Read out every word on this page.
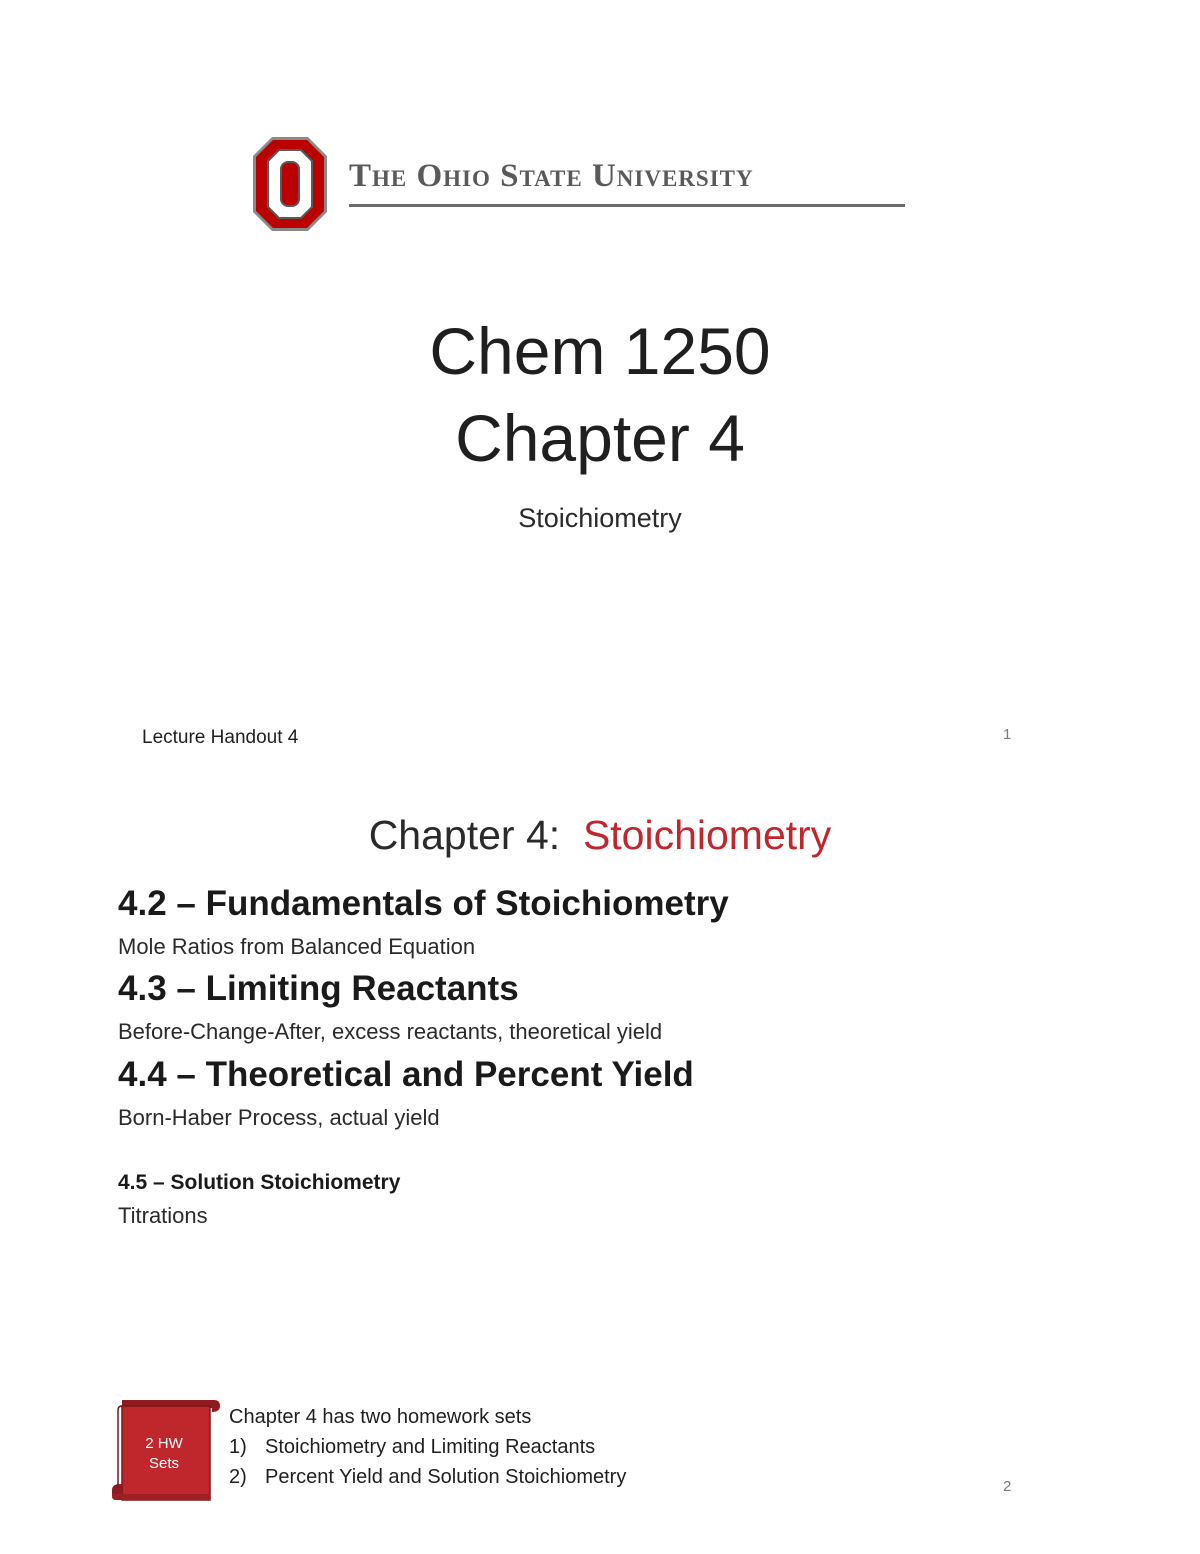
The Ohio State University
Chem 1250
Chapter 4
Stoichiometry
Lecture Handout 4	1
Chapter 4: Stoichiometry
4.2 – Fundamentals of Stoichiometry
Mole Ratios from Balanced Equation
4.3 – Limiting Reactants
Before-Change-After, excess reactants, theoretical yield
4.4 – Theoretical and Percent Yield
Born-Haber Process, actual yield
4.5 – Solution Stoichiometry
Titrations
2 HW
Sets
Chapter 4 has two homework sets
1) Stoichiometry and Limiting Reactants
2) Percent Yield and Solution Stoichiometry	2
